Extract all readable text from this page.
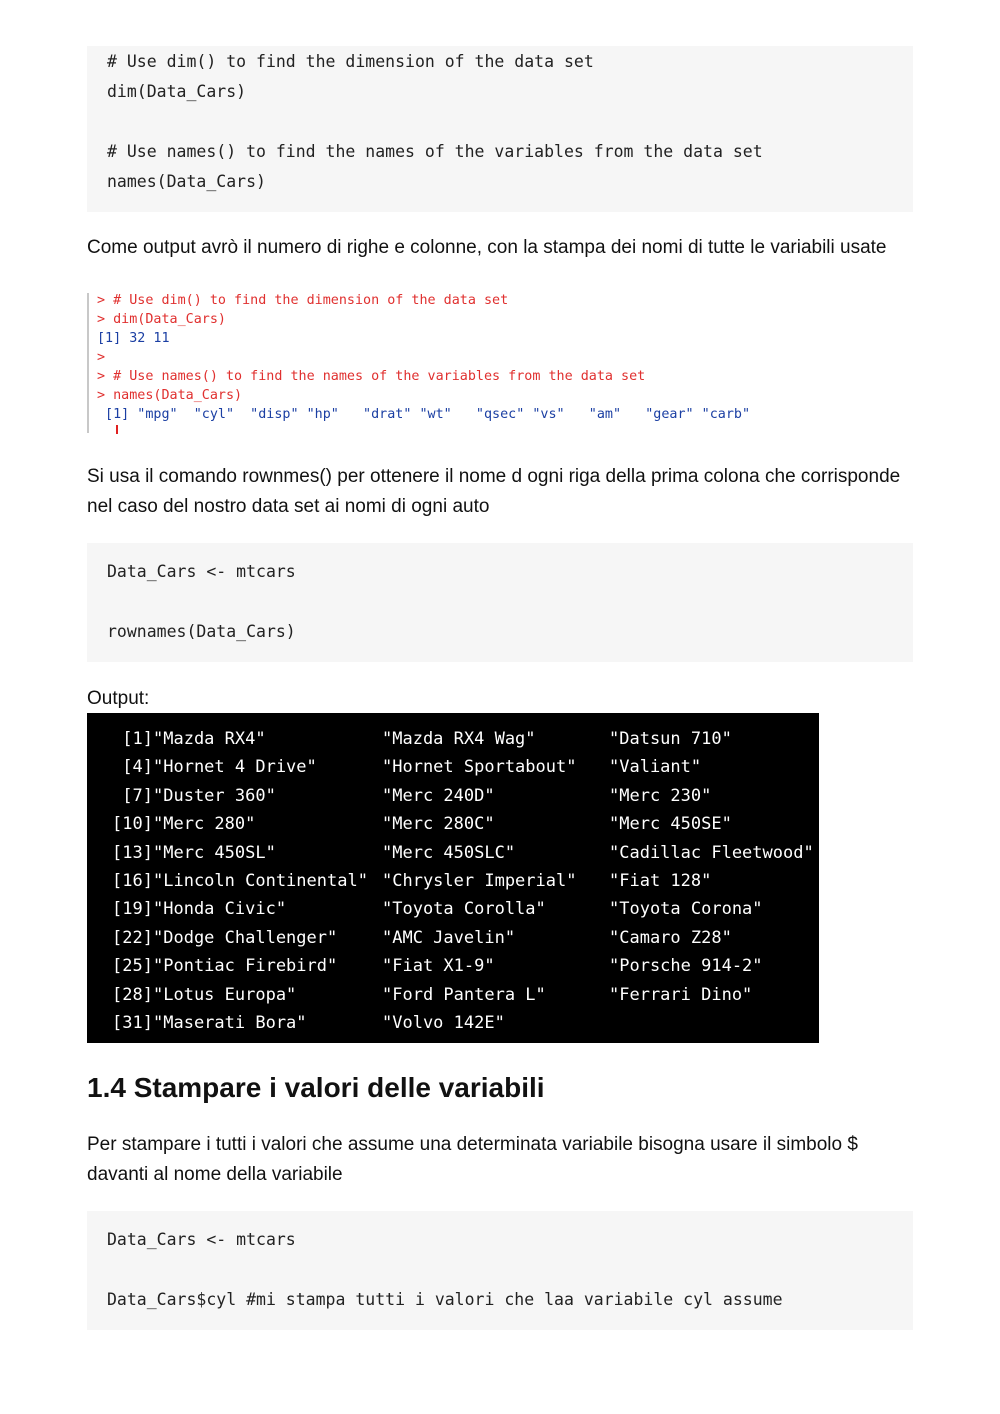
# Use dim() to find the dimension of the data set
dim(Data_Cars)
# Use names() to find the names of the variables from the data set
names(Data_Cars)

Come output avrò il numero di righe e colonne, con la stampa dei nomi di tutte le variabili usate

> # Use dim() to find the dimension of the data set
> dim(Data_Cars)
[1] 32 11
>
> # Use names() to find the names of the variables from the data set
> names(Data_Cars)
[1] "mpg"  "cyl"  "disp" "hp"   "drat" "wt"   "qsec" "vs"   "am"   "gear" "carb"

Si usa il comando rownmes() per ottenere il nome d ogni riga della prima colona che corrisponde nel caso del nostro data set ai nomi di ogni auto

Data_Cars <- mtcars
rownames(Data_Cars)

Output:

[1] "Mazda RX4"	"Mazda RX4 Wag"	"Datsun 710"
[4] "Hornet 4 Drive"	"Hornet Sportabout" "Valiant"
[7] "Duster 360"	"Merc 240D"	"Merc 230"
[10] "Merc 280"	"Merc 280C"	"Merc 450SE"
[13] "Merc 450SL"	"Merc 450SLC"	"Cadillac Fleetwood"
[16] "Lincoln Continental" "Chrysler Imperial" "Fiat 128"
[19] "Honda Civic"	"Toyota Corolla"	"Toyota Corona"
[22] "Dodge Challenger"	"AMC Javelin"	"Camaro Z28"
[25] "Pontiac Firebird"	"Fiat X1-9"	"Porsche 914-2"
[28] "Lotus Europa"	"Ford Pantera L"	"Ferrari Dino"
[31] "Maserati Bora"	"Volvo 142E"
1.4 Stampare i valori delle variabili

Per stampare i tutti i valori che assume una determinata variabile bisogna usare il simbolo $ davanti al nome della variabile

Data_Cars <- mtcars
Data_Cars$cyl #mi stampa tutti i valori che laa variabile cyl assume
